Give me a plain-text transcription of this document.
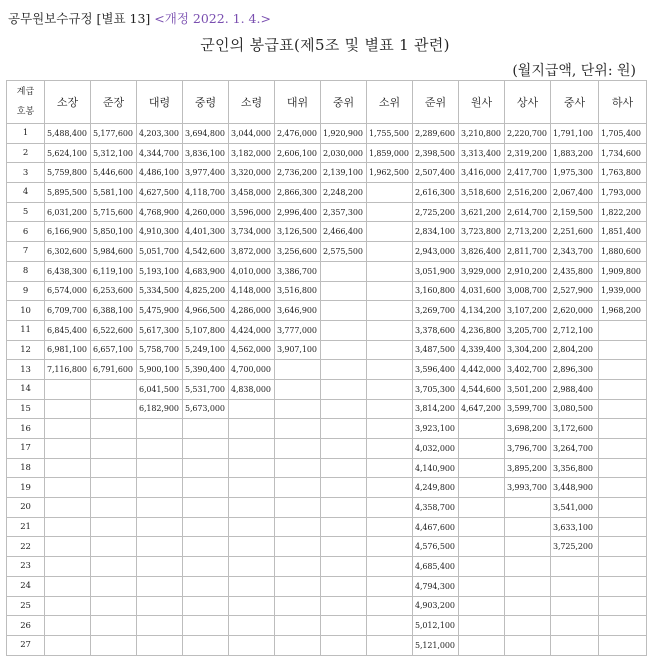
공무원보수규정 [별표 13] <개정 2022. 1. 4.>
군인의 봉급표(제5조 및 별표 1 관련)
(월지급액, 단위: 원)
계급
호봉	소장	준장	대령	중령	소령	대위	중위	소위	준위	원사	상사	중사	하사
1	5,488,400	5,177,600	4,203,300	3,694,800	3,044,000	2,476,000	1,920,900	1,755,500	2,289,600	3,210,800	2,220,700	1,791,100	1,705,400
2	5,624,100	5,312,100	4,344,700	3,836,100	3,182,000	2,606,100	2,030,000	1,859,000	2,398,500	3,313,400	2,319,200	1,883,200	1,734,600
3	5,759,800	5,446,600	4,486,100	3,977,400	3,320,000	2,736,200	2,139,100	1,962,500	2,507,400	3,416,000	2,417,700	1,975,300	1,763,800
4	5,895,500	5,581,100	4,627,500	4,118,700	3,458,000	2,866,300	2,248,200		2,616,300	3,518,600	2,516,200	2,067,400	1,793,000
5	6,031,200	5,715,600	4,768,900	4,260,000	3,596,000	2,996,400	2,357,300		2,725,200	3,621,200	2,614,700	2,159,500	1,822,200
6	6,166,900	5,850,100	4,910,300	4,401,300	3,734,000	3,126,500	2,466,400		2,834,100	3,723,800	2,713,200	2,251,600	1,851,400
7	6,302,600	5,984,600	5,051,700	4,542,600	3,872,000	3,256,600	2,575,500		2,943,000	3,826,400	2,811,700	2,343,700	1,880,600
8	6,438,300	6,119,100	5,193,100	4,683,900	4,010,000	3,386,700			3,051,900	3,929,000	2,910,200	2,435,800	1,909,800
9	6,574,000	6,253,600	5,334,500	4,825,200	4,148,000	3,516,800			3,160,800	4,031,600	3,008,700	2,527,900	1,939,000
10	6,709,700	6,388,100	5,475,900	4,966,500	4,286,000	3,646,900			3,269,700	4,134,200	3,107,200	2,620,000	1,968,200
11	6,845,400	6,522,600	5,617,300	5,107,800	4,424,000	3,777,000			3,378,600	4,236,800	3,205,700	2,712,100	
12	6,981,100	6,657,100	5,758,700	5,249,100	4,562,000	3,907,100			3,487,500	4,339,400	3,304,200	2,804,200	
13	7,116,800	6,791,600	5,900,100	5,390,400	4,700,000				3,596,400	4,442,000	3,402,700	2,896,300	
14			6,041,500	5,531,700	4,838,000				3,705,300	4,544,600	3,501,200	2,988,400	
15			6,182,900	5,673,000					3,814,200	4,647,200	3,599,700	3,080,500	
16									3,923,100		3,698,200	3,172,600	
17									4,032,000		3,796,700	3,264,700	
18									4,140,900		3,895,200	3,356,800	
19									4,249,800		3,993,700	3,448,900	
20									4,358,700			3,541,000	
21									4,467,600			3,633,100	
22									4,576,500			3,725,200	
23									4,685,400				
24									4,794,300				
25									4,903,200				
26									5,012,100				
27									5,121,000				
